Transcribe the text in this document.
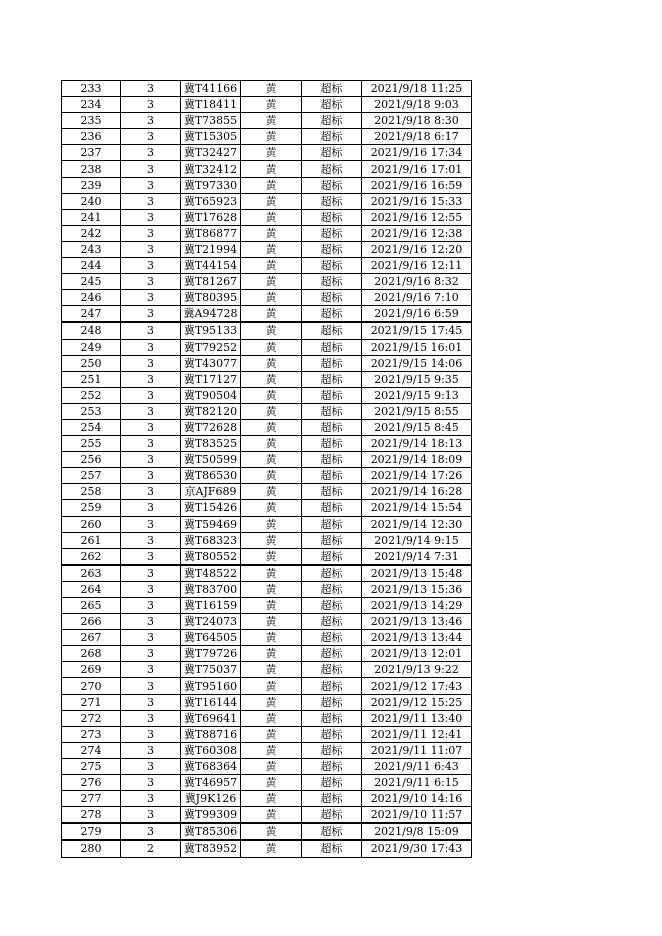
233	3	冀T41166	黄	超标	2021/9/18 11:25
234	3	冀T18411	黄	超标	2021/9/18 9:03
235	3	冀T73855	黄	超标	2021/9/18 8:30
236	3	冀T15305	黄	超标	2021/9/18 6:17
237	3	冀T32427	黄	超标	2021/9/16 17:34
238	3	冀T32412	黄	超标	2021/9/16 17:01
239	3	冀T97330	黄	超标	2021/9/16 16:59
240	3	冀T65923	黄	超标	2021/9/16 15:33
241	3	冀T17628	黄	超标	2021/9/16 12:55
242	3	冀T86877	黄	超标	2021/9/16 12:38
243	3	冀T21994	黄	超标	2021/9/16 12:20
244	3	冀T44154	黄	超标	2021/9/16 12:11
245	3	冀T81267	黄	超标	2021/9/16 8:32
246	3	冀T80395	黄	超标	2021/9/16 7:10
247	3	冀A94728	黄	超标	2021/9/16 6:59
248	3	冀T95133	黄	超标	2021/9/15 17:45
249	3	冀T79252	黄	超标	2021/9/15 16:01
250	3	冀T43077	黄	超标	2021/9/15 14:06
251	3	冀T17127	黄	超标	2021/9/15 9:35
252	3	冀T90504	黄	超标	2021/9/15 9:13
253	3	冀T82120	黄	超标	2021/9/15 8:55
254	3	冀T72628	黄	超标	2021/9/15 8:45
255	3	冀T83525	黄	超标	2021/9/14 18:13
256	3	冀T50599	黄	超标	2021/9/14 18:09
257	3	冀T86530	黄	超标	2021/9/14 17:26
258	3	京AJF689	黄	超标	2021/9/14 16:28
259	3	冀T15426	黄	超标	2021/9/14 15:54
260	3	冀T59469	黄	超标	2021/9/14 12:30
261	3	冀T68323	黄	超标	2021/9/14 9:15
262	3	冀T80552	黄	超标	2021/9/14 7:31
263	3	冀T48522	黄	超标	2021/9/13 15:48
264	3	冀T83700	黄	超标	2021/9/13 15:36
265	3	冀T16159	黄	超标	2021/9/13 14:29
266	3	冀T24073	黄	超标	2021/9/13 13:46
267	3	冀T64505	黄	超标	2021/9/13 13:44
268	3	冀T79726	黄	超标	2021/9/13 12:01
269	3	冀T75037	黄	超标	2021/9/13 9:22
270	3	冀T95160	黄	超标	2021/9/12 17:43
271	3	冀T16144	黄	超标	2021/9/12 15:25
272	3	冀T69641	黄	超标	2021/9/11 13:40
273	3	冀T88716	黄	超标	2021/9/11 12:41
274	3	冀T60308	黄	超标	2021/9/11 11:07
275	3	冀T68364	黄	超标	2021/9/11 6:43
276	3	冀T46957	黄	超标	2021/9/11 6:15
277	3	冀J9K126	黄	超标	2021/9/10 14:16
278	3	冀T99309	黄	超标	2021/9/10 11:57
279	3	冀T85306	黄	超标	2021/9/8 15:09
280	2	冀T83952	黄	超标	2021/9/30 17:43
